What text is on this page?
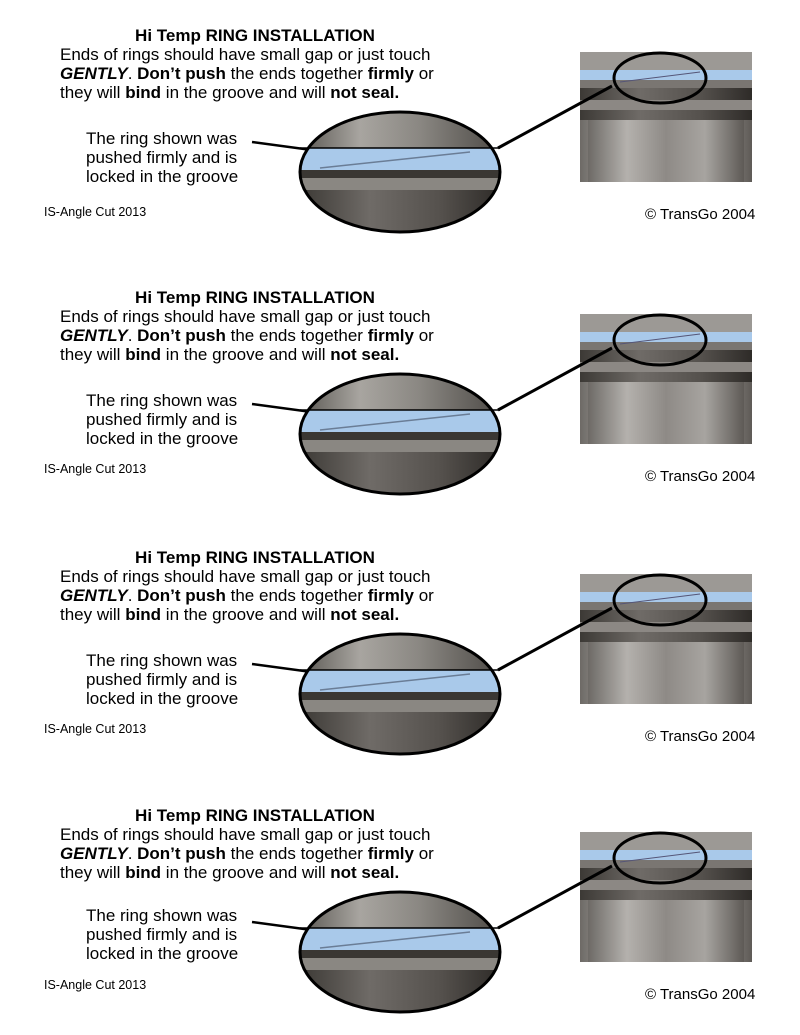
Hi Temp RING INSTALLATION
Ends of rings should have small gap or just touch
GENTLY. Don’t push the ends together firmly or
they will bind in the groove and will not seal.
The ring shown was
pushed firmly and is
locked in the groove
IS-Angle Cut 2013	© TransGo 2004
Hi Temp RING INSTALLATION
Ends of rings should have small gap or just touch
GENTLY. Don’t push the ends together firmly or
they will bind in the groove and will not seal.
The ring shown was
pushed firmly and is
locked in the groove
IS-Angle Cut 2013	© TransGo 2004
Hi Temp RING INSTALLATION
Ends of rings should have small gap or just touch
GENTLY. Don’t push the ends together firmly or
they will bind in the groove and will not seal.
The ring shown was
pushed firmly and is
locked in the groove
IS-Angle Cut 2013	© TransGo 2004
Hi Temp RING INSTALLATION
Ends of rings should have small gap or just touch
GENTLY. Don’t push the ends together firmly or
they will bind in the groove and will not seal.
The ring shown was
pushed firmly and is
locked in the groove
IS-Angle Cut 2013
© TransGo 2004
